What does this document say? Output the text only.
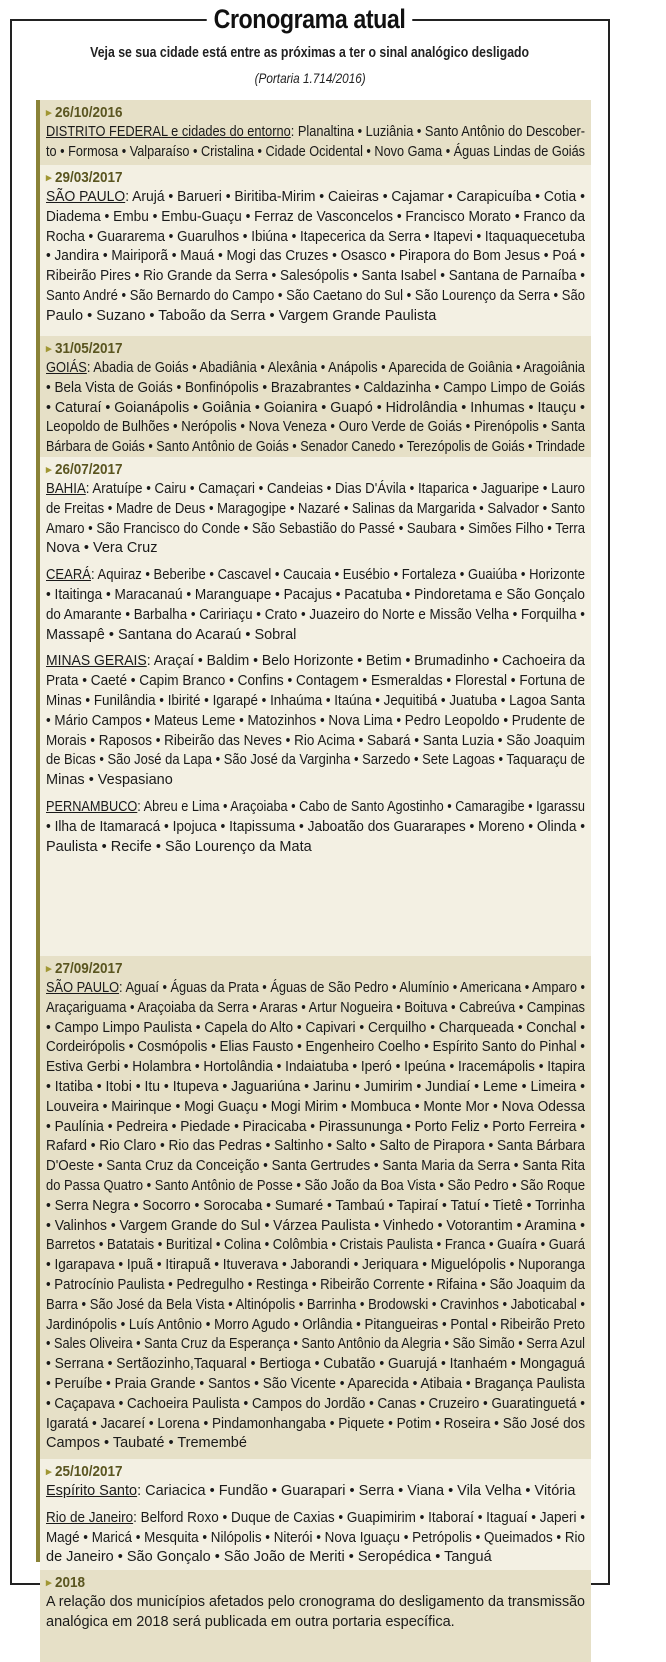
Cronograma atual
Veja se sua cidade está entre as próximas a ter o sinal analógico desligado
(Portaria 1.714/2016)
▸ 26/10/2016
DISTRITO FEDERAL e cidades do entorno: Planaltina • Luziânia • Santo Antônio do Descober-
to • Formosa • Valparaíso • Cristalina • Cidade Ocidental • Novo Gama • Águas Lindas de Goiás
▸ 29/03/2017
SÃO PAULO: Arujá • Barueri • Biritiba-Mirim • Caieiras • Cajamar • Carapicuíba • Cotia •
Diadema • Embu • Embu-Guaçu • Ferraz de Vasconcelos • Francisco Morato • Franco da
Rocha • Guararema • Guarulhos • Ibiúna • Itapecerica da Serra • Itapevi • Itaquaquecetuba
• Jandira • Mairiporã • Mauá • Mogi das Cruzes • Osasco • Pirapora do Bom Jesus • Poá •
Ribeirão Pires • Rio Grande da Serra • Salesópolis • Santa Isabel • Santana de Parnaíba •
Santo André • São Bernardo do Campo • São Caetano do Sul • São Lourenço da Serra • São
Paulo • Suzano • Taboão da Serra • Vargem Grande Paulista
▸ 31/05/2017
GOIÁS: Abadia de Goiás • Abadiânia • Alexânia • Anápolis • Aparecida de Goiânia • Aragoiânia
• Bela Vista de Goiás • Bonfinópolis • Brazabrantes • Caldazinha • Campo Limpo de Goiás
• Caturaí • Goianápolis • Goiânia • Goianira • Guapó • Hidrolândia • Inhumas • Itauçu •
Leopoldo de Bulhões • Nerópolis • Nova Veneza • Ouro Verde de Goiás • Pirenópolis • Santa
Bárbara de Goiás • Santo Antônio de Goiás • Senador Canedo • Terezópolis de Goiás • Trindade
▸ 26/07/2017
BAHIA: Aratuípe • Cairu • Camaçari • Candeias • Dias D'Ávila • Itaparica • Jaguaripe • Lauro
de Freitas • Madre de Deus • Maragogipe • Nazaré • Salinas da Margarida • Salvador • Santo
Amaro • São Francisco do Conde • São Sebastião do Passé • Saubara • Simões Filho • Terra
Nova • Vera Cruz
CEARÁ: Aquiraz • Beberibe • Cascavel • Caucaia • Eusébio • Fortaleza • Guaiúba • Horizonte
• Itaitinga • Maracanaú • Maranguape • Pacajus • Pacatuba • Pindoretama e São Gonçalo
do Amarante • Barbalha • Caririaçu • Crato • Juazeiro do Norte e Missão Velha • Forquilha •
Massapê • Santana do Acaraú • Sobral
MINAS GERAIS: Araçaí • Baldim • Belo Horizonte • Betim • Brumadinho • Cachoeira da
Prata • Caeté • Capim Branco • Confins • Contagem • Esmeraldas • Florestal • Fortuna de
Minas • Funilândia • Ibirité • Igarapé • Inhaúma • Itaúna • Jequitibá • Juatuba • Lagoa Santa
• Mário Campos • Mateus Leme • Matozinhos • Nova Lima • Pedro Leopoldo • Prudente de
Morais • Raposos • Ribeirão das Neves • Rio Acima • Sabará • Santa Luzia • São Joaquim
de Bicas • São José da Lapa • São José da Varginha • Sarzedo • Sete Lagoas • Taquaraçu de
Minas • Vespasiano
PERNAMBUCO: Abreu e Lima • Araçoiaba • Cabo de Santo Agostinho • Camaragibe • Igarassu
• Ilha de Itamaracá • Ipojuca • Itapissuma • Jaboatão dos Guararapes • Moreno • Olinda •
Paulista • Recife • São Lourenço da Mata
▸ 27/09/2017
SÃO PAULO: Aguaí • Águas da Prata • Águas de São Pedro • Alumínio • Americana • Amparo •
Araçariguama • Araçoiaba da Serra • Araras • Artur Nogueira • Boituva • Cabreúva • Campinas
• Campo Limpo Paulista • Capela do Alto • Capivari • Cerquilho • Charqueada • Conchal •
Cordeirópolis • Cosmópolis • Elias Fausto • Engenheiro Coelho • Espírito Santo do Pinhal •
Estiva Gerbi • Holambra • Hortolândia • Indaiatuba • Iperó • Ipeúna • Iracemápolis • Itapira
• Itatiba • Itobi • Itu • Itupeva • Jaguariúna • Jarinu • Jumirim • Jundiaí • Leme • Limeira •
Louveira • Mairinque • Mogi Guaçu • Mogi Mirim • Mombuca • Monte Mor • Nova Odessa
• Paulínia • Pedreira • Piedade • Piracicaba • Pirassununga • Porto Feliz • Porto Ferreira •
Rafard • Rio Claro • Rio das Pedras • Saltinho • Salto • Salto de Pirapora • Santa Bárbara
D'Oeste • Santa Cruz da Conceição • Santa Gertrudes • Santa Maria da Serra • Santa Rita
do Passa Quatro • Santo Antônio de Posse • São João da Boa Vista • São Pedro • São Roque
• Serra Negra • Socorro • Sorocaba • Sumaré • Tambaú • Tapiraí • Tatuí • Tietê • Torrinha
• Valinhos • Vargem Grande do Sul • Várzea Paulista • Vinhedo • Votorantim • Aramina •
Barretos • Batatais • Buritizal • Colina • Colômbia • Cristais Paulista • Franca • Guaíra • Guará
• Igarapava • Ipuã • Itirapuã • Ituverava • Jaborandi • Jeriquara • Miguelópolis • Nuporanga
• Patrocínio Paulista • Pedregulho • Restinga • Ribeirão Corrente • Rifaina • São Joaquim da
Barra • São José da Bela Vista • Altinópolis • Barrinha • Brodowski • Cravinhos • Jaboticabal •
Jardinópolis • Luís Antônio • Morro Agudo • Orlândia • Pitangueiras • Pontal • Ribeirão Preto
• Sales Oliveira • Santa Cruz da Esperança • Santo Antônio da Alegria • São Simão • Serra Azul
• Serrana • Sertãozinho,Taquaral • Bertioga • Cubatão • Guarujá • Itanhaém • Mongaguá
• Peruíbe • Praia Grande • Santos • São Vicente • Aparecida • Atibaia • Bragança Paulista
• Caçapava • Cachoeira Paulista • Campos do Jordão • Canas • Cruzeiro • Guaratinguetá •
Igaratá • Jacareí • Lorena • Pindamonhangaba • Piquete • Potim • Roseira • São José dos
Campos • Taubaté • Tremembé
▸ 25/10/2017
Espírito Santo: Cariacica • Fundão • Guarapari • Serra • Viana • Vila Velha • Vitória
Rio de Janeiro: Belford Roxo • Duque de Caxias • Guapimirim • Itaboraí • Itaguaí • Japeri •
Magé • Maricá • Mesquita • Nilópolis • Niterói • Nova Iguaçu • Petrópolis • Queimados • Rio
de Janeiro • São Gonçalo • São João de Meriti • Seropédica • Tanguá
▸ 2018
A relação dos municípios afetados pelo cronograma do desligamento da transmissão
analógica em 2018 será publicada em outra portaria específica.
